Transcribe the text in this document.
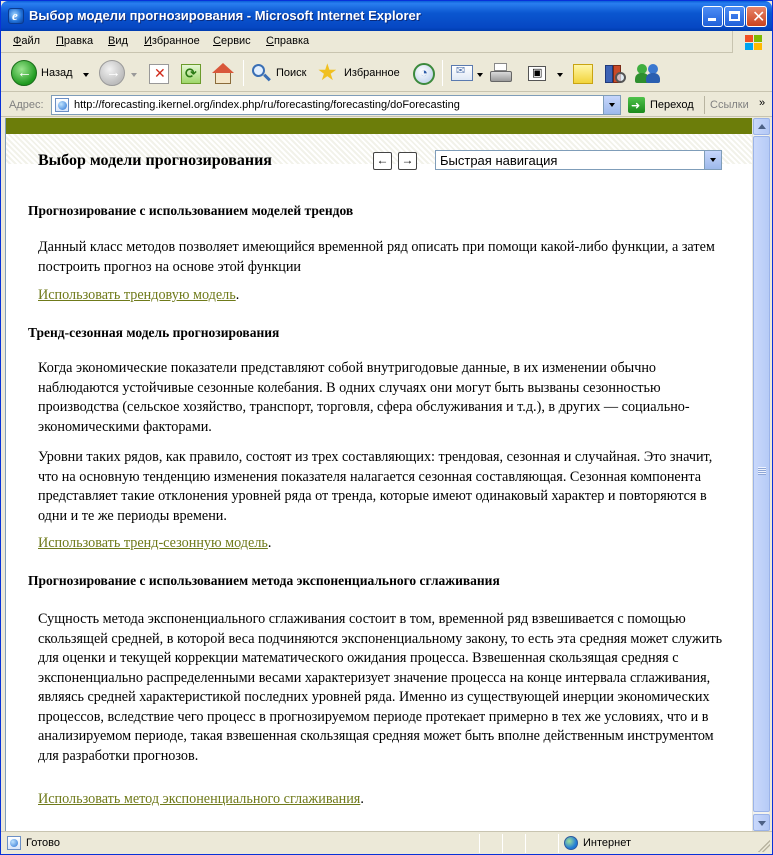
e Выбор модели прогнозирования - Microsoft Internet Explorer	✕
Файл Правка Вид Избранное Сервис Справка
← Назад → ✕ ⟳	Поиск ★ Избранное ◔	✉	▣
Адрес:	http://forecasting.ikernel.org/index.php/ru/forecasting/forecasting/doForecasting	➜ Переход Ссылки »
Выбор модели прогнозирования	← → Быстрая навигация
Прогнозирование с использованием моделей трендов
Данный класс методов позволяет имеющийся временной ряд описать при помощи какой-либо функции, а затем построить прогноз на основе этой функции
Использовать трендовую модель.
Тренд-сезонная модель прогнозирования
Когда экономические показатели представляют собой внутригодовые данные, в их изменении обычно наблюдаются устойчивые сезонные колебания. В одних случаях они могут быть вызваны сезонностью производства (сельское хозяйство, транспорт, торговля, сфера обслуживания и т.д.), в других — социально-экономическими факторами.
Уровни таких рядов, как правило, состоят из трех составляющих: трендовая, сезонная и случайная. Это значит, что на основную тенденцию изменения показателя налагается сезонная составляющая. Сезонная компонента представляет такие отклонения уровней ряда от тренда, которые имеют одинаковый характер и повторяются в одни и те же периоды времени.
Использовать тренд-сезонную модель.
Прогнозирование с использованием метода экспоненциального сглаживания
Сущность метода экспоненциального сглаживания состоит в том, временной ряд взвешивается с помощью скользящей средней, в которой веса подчиняются экспоненциальному закону, то есть эта средняя может служить для оценки и текущей коррекции математического ожидания процесса. Взвешенная скользящая средняя с экспоненциально распределенными весами характеризует значение процесса на конце интервала сглаживания, являясь средней характеристикой последних уровней ряда. Именно из существующей инерции экономических процессов, вследствие чего процесс в прогнозируемом периоде протекает примерно в тех же условиях, что и в анализируемом периоде, такая взвешенная скользящая средняя может быть вполне действенным инструментом для разработки прогнозов.
Использовать метод экспоненциального сглаживания.
Готово	Интернет
